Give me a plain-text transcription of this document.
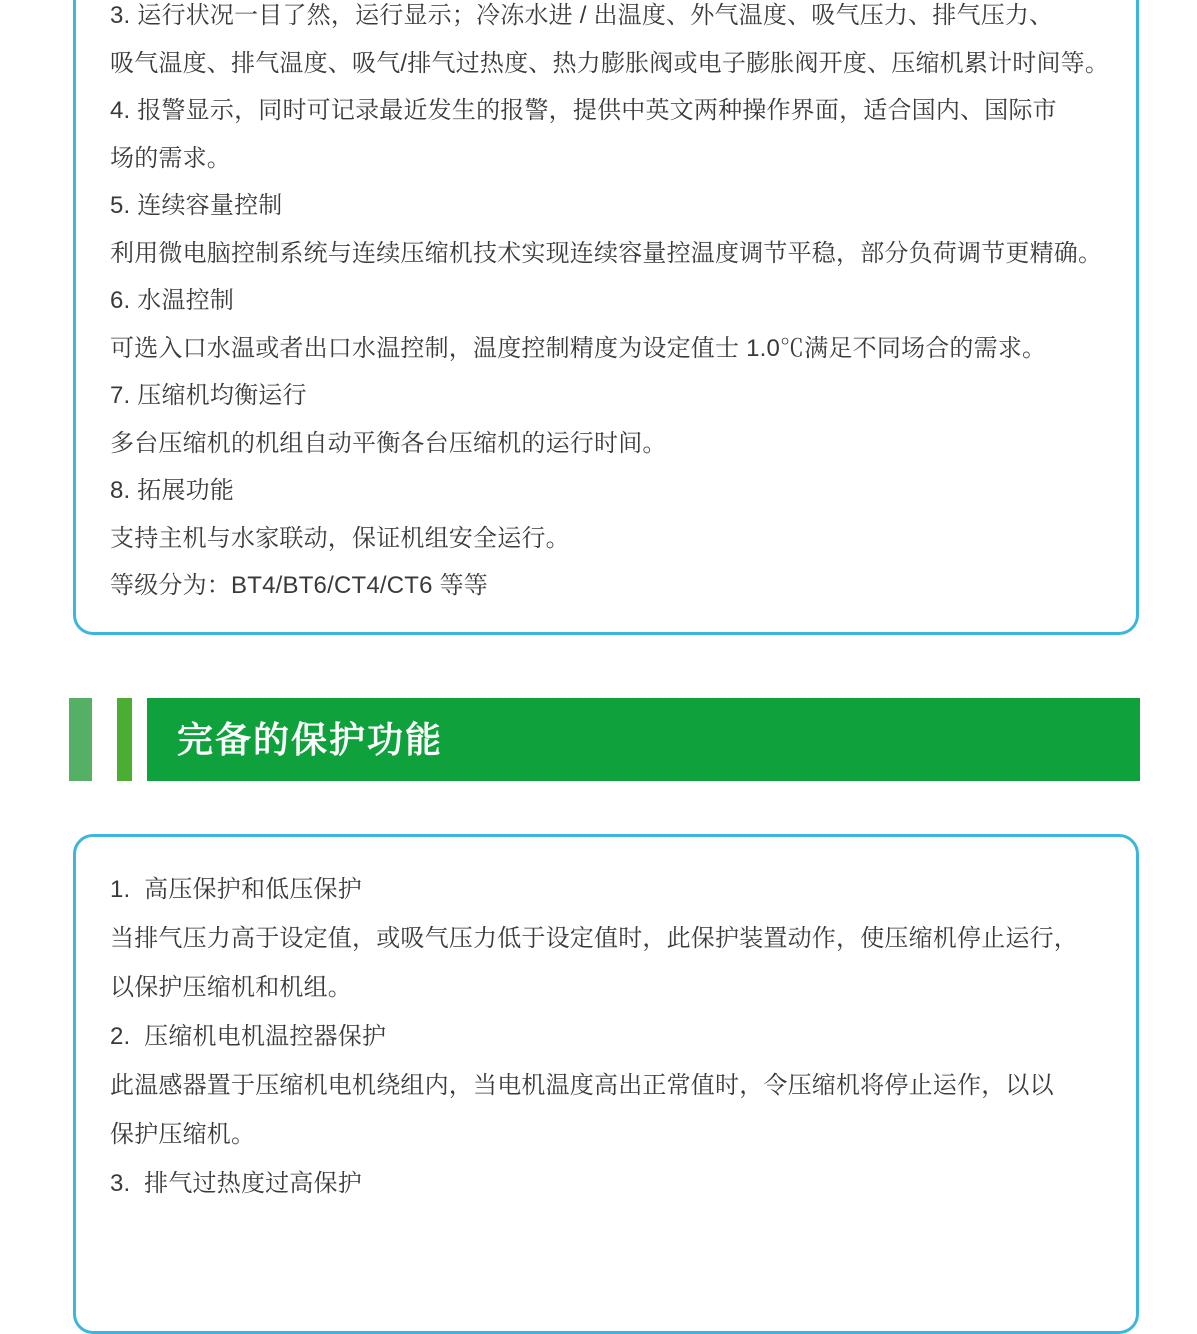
3. 运行状况一目了然，运行显示；冷冻水进 / 出温度、外气温度、吸气压力、排气压力、
吸气温度、排气温度、吸气/排气过热度、热力膨胀阀或电子膨胀阀开度、压缩机累计时间等。
4. 报警显示，同时可记录最近发生的报警，提供中英文两种操作界面，适合国内、国际市
场的需求。
5. 连续容量控制
利用微电脑控制系统与连续压缩机技术实现连续容量控温度调节平稳，部分负荷调节更精确。
6. 水温控制
可选入口水温或者出口水温控制，温度控制精度为设定值士 1.0℃满足不同场合的需求。
7. 压缩机均衡运行
多台压缩机的机组自动平衡各台压缩机的运行时间。
8. 拓展功能
支持主机与水家联动，保证机组安全运行。
等级分为：BT4/BT6/CT4/CT6 等等
完备的保护功能
1.  高压保护和低压保护
当排气压力高于设定值，或吸气压力低于设定值时，此保护装置动作，使压缩机停止运行，
以保护压缩机和机组。
2.  压缩机电机温控器保护
此温感器置于压缩机电机绕组内，当电机温度高出正常值时，令压缩机将停止运作，以以
保护压缩机。
3.  排气过热度过高保护
